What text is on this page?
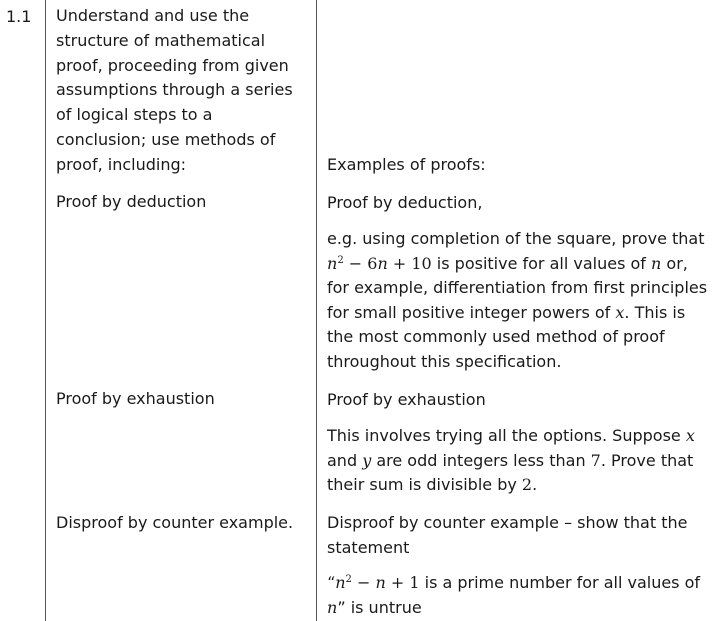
1.1 Understand and use the structure of mathematical proof, proceeding from given assumptions through a series of logical steps to a conclusion; use methods of proof, including:	Examples of proofs:
Proof by deduction	Proof by deduction,
e.g. using completion of the square, prove that $n^2 - 6n + 10$ is positive for all values of n or, for example, differentiation from first principles for small positive integer powers of x. This is the most commonly used method of proof throughout this specification.
Proof by exhaustion	Proof by exhaustion
This involves trying all the options. Suppose x and y are odd integers less than 7. Prove that their sum is divisible by 2.
Disproof by counter example.	Disproof by counter example – show that the statement
“$n^2 - n + 1$ is a prime number for all values of n” is untrue
